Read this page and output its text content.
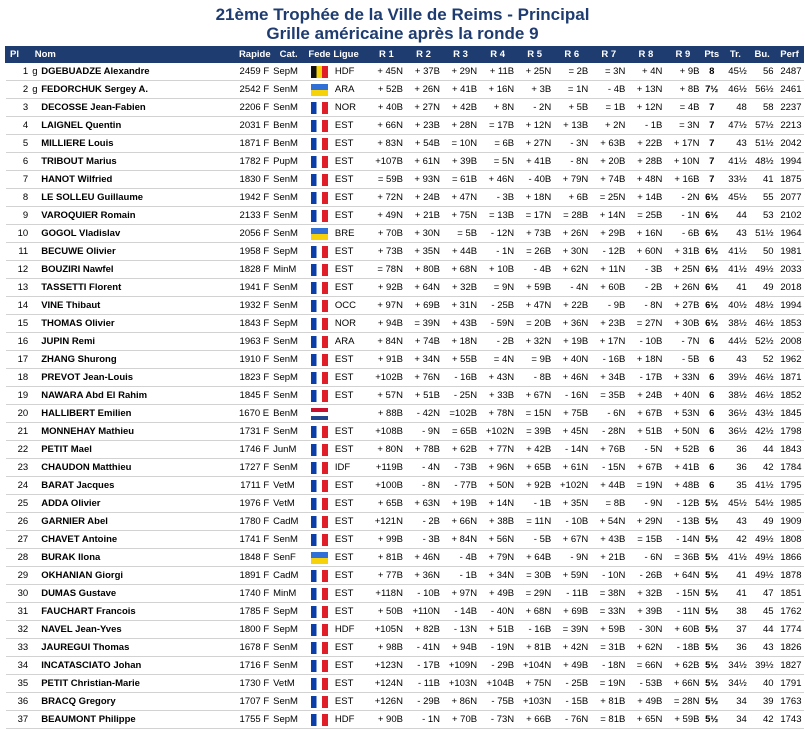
21ème Trophée de la Ville de Reims - Principal
Grille américaine après la ronde 9
Pl	Nom	Rapide	Cat.	Fede	Ligue	R 1	R 2	R 3	R 4	R 5	R 6	R 7	R 8	R 9	Pts	Tr.	Bu.	Perf
1	g DGEBUADZE Alexandre	2459 F	SepM		HDF	+ 45N	+ 37B	+ 29N	+ 11B	+ 25N	= 2B	= 3N	+ 4N	+ 9B	8	45½	56	2487
2	g FEDORCHUK Sergey A.	2542 F	SenM		ARA	+ 52B	+ 26N	+ 41B	+ 16N	+ 3B	= 1N	- 4B	+ 13N	+ 8B	7½	46½	56½	2461
3	DECOSSE Jean-Fabien	2206 F	SenM		NOR	+ 40B	+ 27N	+ 42B	+ 8N	- 2N	+ 5B	= 1B	+ 12N	= 4B	7	48	58	2237
4	LAIGNEL Quentin	2031 F	BenM		EST	+ 66N	+ 23B	+ 28N	= 17B	+ 12N	+ 13B	+ 2N	- 1B	= 3N	7	47½	57½	2213
5	MILLIERE Louis	1871 F	BenM		EST	+ 83N	+ 54B	= 10N	= 6B	+ 27N	- 3N	+ 63B	+ 22B	+ 17N	7	43	51½	2042
6	TRIBOUT Marius	1782 F	PupM		EST	+107B	+ 61N	+ 39B	= 5N	+ 41B	- 8N	+ 20B	+ 28B	+ 10N	7	41½	48½	1994
7	HANOT Wilfried	1830 F	SenM		EST	= 59B	+ 93N	= 61B	+ 46N	- 40B	+ 79N	+ 74B	+ 48N	+ 16B	7	33½	41	1875
8	LE SOLLEU Guillaume	1942 F	SenM		EST	+ 72N	+ 24B	+ 47N	- 3B	+ 18N	+ 6B	= 25N	+ 14B	- 2N	6½	45½	55	2077
9	VAROQUIER Romain	2133 F	SenM		EST	+ 49N	+ 21B	+ 75N	= 13B	= 17N	= 28B	+ 14N	= 25B	- 1N	6½	44	53	2102
10	GOGOL Vladislav	2056 F	SenM		BRE	+ 70B	+ 30N	= 5B	- 12N	+ 73B	+ 26N	+ 29B	+ 16N	- 6B	6½	43	51½	1964
11	BECUWE Olivier	1958 F	SepM		EST	+ 73B	+ 35N	+ 44B	- 1N	= 26B	+ 30N	- 12B	+ 60N	+ 31B	6½	41½	50	1981
12	BOUZIRI Nawfel	1828 F	MinM		EST	= 78N	+ 80B	+ 68N	+ 10B	- 4B	+ 62N	+ 11N	- 3B	+ 25N	6½	41½	49½	2033
13	TASSETTI Florent	1941 F	SenM		EST	+ 92B	+ 64N	+ 32B	= 9N	+ 59B	- 4N	+ 60B	- 2B	+ 26N	6½	41	49	2018
14	VINE Thibaut	1932 F	SenM		OCC	+ 97N	+ 69B	+ 31N	- 25B	+ 47N	+ 22B	- 9B	- 8N	+ 27B	6½	40½	48½	1994
15	THOMAS Olivier	1843 F	SepM		NOR	+ 94B	= 39N	+ 43B	- 59N	= 20B	+ 36N	+ 23B	= 27N	+ 30B	6½	38½	46½	1853
16	JUPIN Remi	1963 F	SenM		ARA	+ 84N	+ 74B	+ 18N	- 2B	+ 32N	+ 19B	+ 17N	- 10B	- 7N	6	44½	52½	2008
17	ZHANG Shurong	1910 F	SenM		EST	+ 91B	+ 34N	+ 55B	= 4N	= 9B	+ 40N	- 16B	+ 18N	- 5B	6	43	52	1962
18	PREVOT Jean-Louis	1823 F	SepM		EST	+102B	+ 76N	- 16B	+ 43N	- 8B	+ 46N	+ 34B	- 17B	+ 33N	6	39½	46½	1871
19	NAWARA Abd El Rahim	1845 F	SenM		EST	+ 57N	+ 51B	- 25N	+ 33B	+ 67N	- 16N	= 35B	+ 24B	+ 40N	6	38½	46½	1852
20	HALLIBERT Emilien	1670 E	BenM			+ 88B	- 42N	=102B	+ 78N	= 15N	+ 75B	- 6N	+ 67B	+ 53N	6	36½	43½	1845
21	MONNEHAY Mathieu	1731 F	SenM		EST	+108B	- 9N	= 65B	+102N	= 39B	+ 45N	- 28N	+ 51B	+ 50N	6	36½	42½	1798
22	PETIT Mael	1746 F	JunM		EST	+ 80N	+ 78B	+ 62B	+ 77N	+ 42B	- 14N	+ 76B	- 5N	+ 52B	6	36	44	1843
23	CHAUDON Matthieu	1727 F	SenM		IDF	+119B	- 4N	- 73B	+ 96N	+ 65B	+ 61N	- 15N	+ 67B	+ 41B	6	36	42	1784
24	BARAT Jacques	1711 F	VetM		EST	+100B	- 8N	- 77B	+ 50N	+ 92B	+102N	+ 44B	= 19N	+ 48B	6	35	41½	1795
25	ADDA Olivier	1976 F	VetM		EST	+ 65B	+ 63N	+ 19B	+ 14N	- 1B	+ 35N	= 8B	- 9N	- 12B	5½	45½	54½	1985
26	GARNIER Abel	1780 F	CadM		EST	+121N	- 2B	+ 66N	+ 38B	= 11N	- 10B	+ 54N	+ 29N	- 13B	5½	43	49	1909
27	CHAVET Antoine	1741 F	SenM		EST	+ 99B	- 3B	+ 84N	+ 56N	- 5B	+ 67N	+ 43B	= 15B	- 14N	5½	42	49½	1808
28	BURAK Ilona	1848 F	SenF		EST	+ 81B	+ 46N	- 4B	+ 79N	+ 64B	- 9N	+ 21B	- 6N	= 36B	5½	41½	49½	1866
29	OKHANIAN Giorgi	1891 F	CadM		EST	+ 77B	+ 36N	- 1B	+ 34N	= 30B	+ 59N	- 10N	- 26B	+ 64N	5½	41	49½	1878
30	DUMAS Gustave	1740 F	MinM		EST	+118N	- 10B	+ 97N	+ 49B	= 29N	- 11B	= 38N	+ 32B	- 15N	5½	41	47	1851
31	FAUCHART Francois	1785 F	SepM		EST	+ 50B	+110N	- 14B	- 40N	+ 68N	+ 69B	= 33N	+ 39B	- 11N	5½	38	45	1762
32	NAVEL Jean-Yves	1800 F	SepM		HDF	+105N	+ 82B	- 13N	+ 51B	- 16B	= 39N	+ 59B	- 30N	+ 60B	5½	37	44	1774
33	JAUREGUI Thomas	1678 F	SenM		EST	+ 98B	- 41N	+ 94B	- 19N	+ 81B	+ 42N	= 31B	+ 62N	- 18B	5½	36	43	1826
34	INCATASCIATO Johan	1716 F	SenM		EST	+123N	- 17B	+109N	- 29B	+104N	+ 49B	- 18N	= 66N	+ 62B	5½	34½	39½	1827
35	PETIT Christian-Marie	1730 F	VetM		EST	+124N	- 11B	+103N	+104B	+ 75N	- 25B	= 19N	- 53B	+ 66N	5½	34½	40	1791
36	BRACQ Gregory	1707 F	SenM		EST	+126N	- 29B	+ 86N	- 75B	+103N	- 15B	+ 81B	+ 49B	= 28N	5½	34	39	1763
37	BEAUMONT Philippe	1755 F	SepM		HDF	+ 90B	- 1N	+ 70B	- 73N	+ 66B	- 76N	= 81B	+ 65N	+ 59B	5½	34	42	1743
